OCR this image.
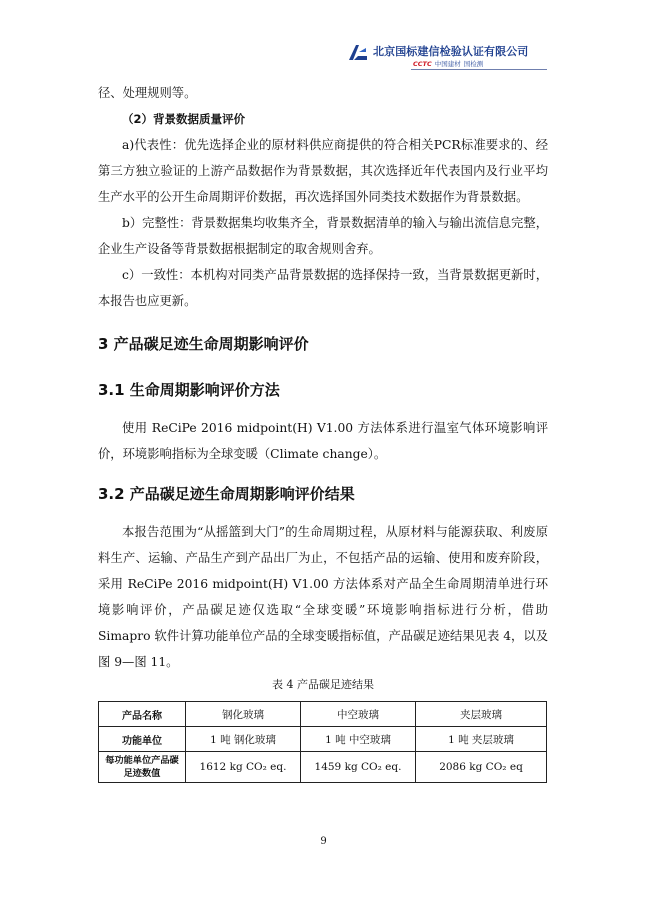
北京国标建信检验认证有限公司
CCTC 中国建材 国检测

径、处理规则等。

（2）背景数据质量评价

a)代表性：优先选择企业的原材料供应商提供的符合相关PCR标准要求的、经第三方独立验证的上游产品数据作为背景数据，其次选择近年代表国内及行业平均生产水平的公开生命周期评价数据，再次选择国外同类技术数据作为背景数据。

b）完整性：背景数据集均收集齐全，背景数据清单的输入与输出流信息完整，企业生产设备等背景数据根据制定的取舍规则舍弃。

c）一致性：本机构对同类产品背景数据的选择保持一致，当背景数据更新时，本报告也应更新。

3 产品碳足迹生命周期影响评价
3.1 生命周期影响评价方法

使用 ReCiPe 2016 midpoint(H) V1.00 方法体系进行温室气体环境影响评价，环境影响指标为全球变暖（Climate change）。

3.2 产品碳足迹生命周期影响评价结果

本报告范围为“从摇篮到大门”的生命周期过程，从原材料与能源获取、利废原料生产、运输、产品生产到产品出厂为止，不包括产品的运输、使用和废弃阶段，采用 ReCiPe 2016 midpoint(H) V1.00 方法体系对产品全生命周期清单进行环境影响评价，产品碳足迹仅选取“全球变暖”环境影响指标进行分析，借助 Simapro 软件计算功能单位产品的全球变暖指标值，产品碳足迹结果见表 4，以及图 9—图 11。

表 4 产品碳足迹结果
产品名称	钢化玻璃	中空玻璃	夹层玻璃
功能单位	1 吨 钢化玻璃	1 吨 中空玻璃	1 吨 夹层玻璃
每功能单位产品碳足迹数值	1612 kg CO₂ eq.	1459 kg CO₂ eq.	2086 kg CO₂ eq
9
